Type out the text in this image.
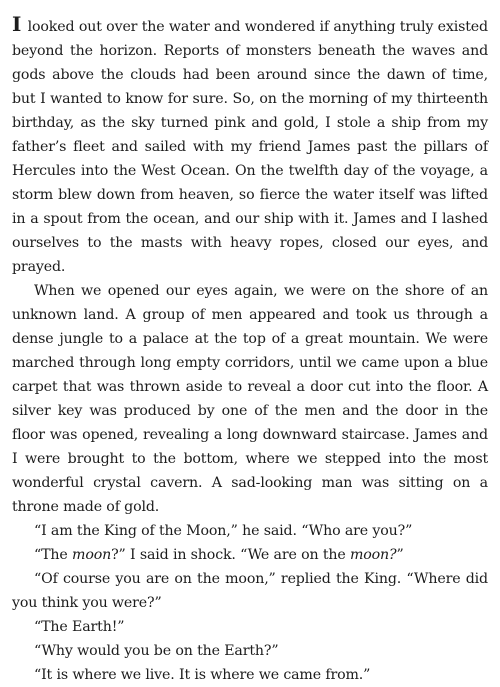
I looked out over the water and wondered if anything truly existed beyond the horizon. Reports of monsters beneath the waves and gods above the clouds had been around since the dawn of time, but I wanted to know for sure. So, on the morning of my thirteenth birthday, as the sky turned pink and gold, I stole a ship from my father’s fleet and sailed with my friend James past the pillars of Hercules into the West Ocean. On the twelfth day of the voyage, a storm blew down from heaven, so fierce the water itself was lifted in a spout from the ocean, and our ship with it. James and I lashed ourselves to the masts with heavy ropes, closed our eyes, and prayed.

When we opened our eyes again, we were on the shore of an unknown land. A group of men appeared and took us through a dense jungle to a palace at the top of a great mountain. We were marched through long empty corridors, until we came upon a blue carpet that was thrown aside to reveal a door cut into the floor. A silver key was produced by one of the men and the door in the floor was opened, revealing a long downward staircase. James and I were brought to the bottom, where we stepped into the most wonderful crystal cavern. A sad-looking man was sitting on a throne made of gold.

“I am the King of the Moon,” he said. “Who are you?”

“The moon?” I said in shock. “We are on the moon?”

“Of course you are on the moon,” replied the King. “Where did you think you were?”

“The Earth!”

“Why would you be on the Earth?”

“It is where we live. It is where we came from.”
